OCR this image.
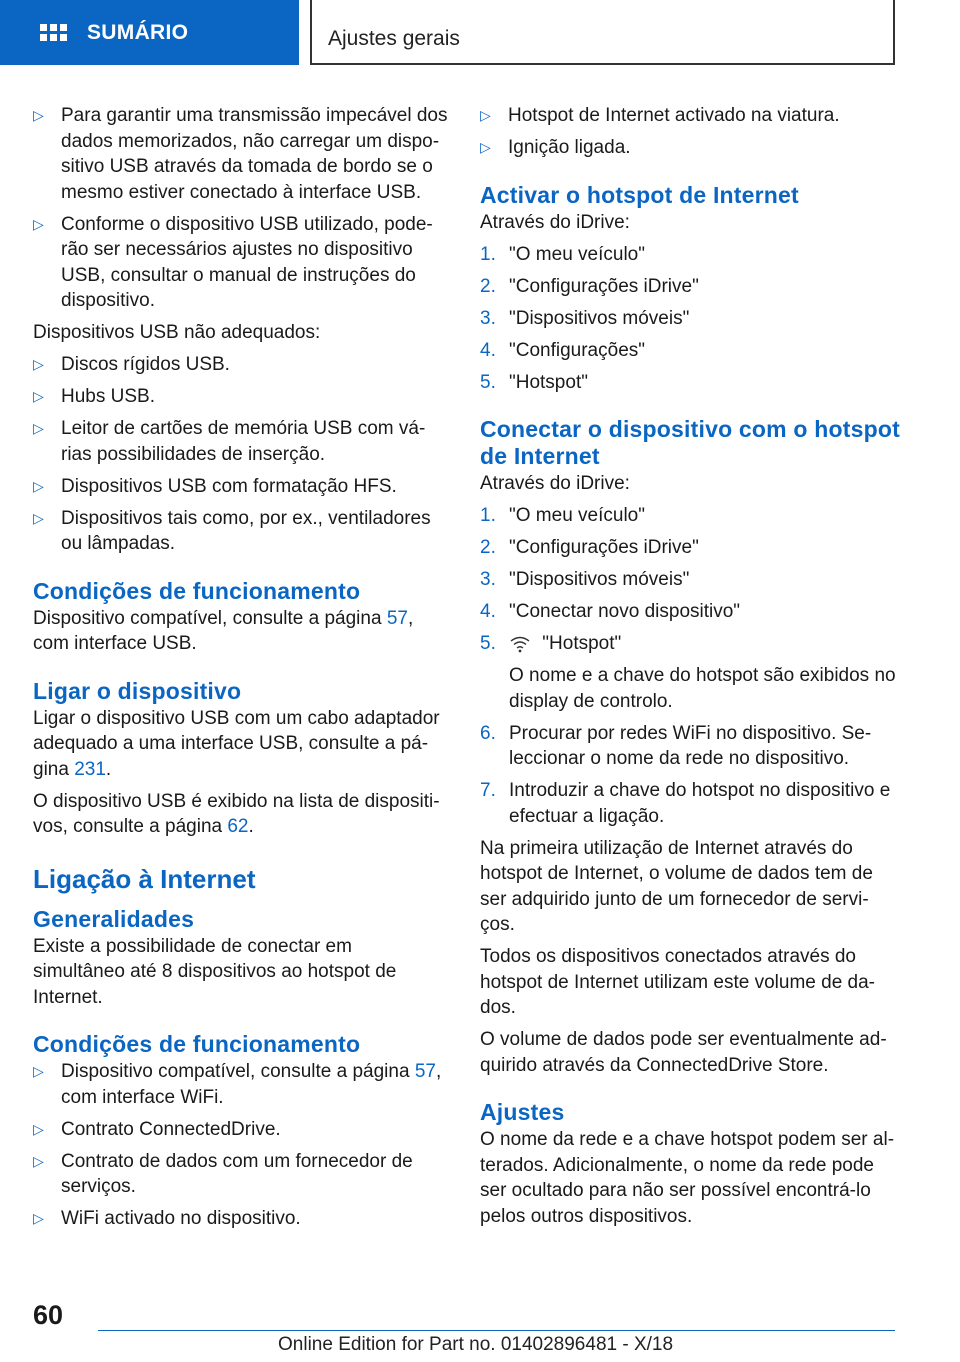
SUMÁRIO	Ajustes gerais
▷ Para garantir uma transmissão impecável dos dados memorizados, não carregar um dispo-sitivo USB através da tomada de bordo se o mesmo estiver conectado à interface USB.
▷ Conforme o dispositivo USB utilizado, pode-rão ser necessários ajustes no dispositivo USB, consultar o manual de instruções do dispositivo.

Dispositivos USB não adequados:

▷ Discos rígidos USB.
▷ Hubs USB.
▷ Leitor de cartões de memória USB com vá-rias possibilidades de inserção.
▷ Dispositivos USB com formatação HFS.
▷ Dispositivos tais como, por ex., ventiladores ou lâmpadas.
Condições de funcionamento

Dispositivo compatível, consulte a página 57, com interface USB.

Ligar o dispositivo

Ligar o dispositivo USB com um cabo adaptador adequado a uma interface USB, consulte a pá-gina 231.

O dispositivo USB é exibido na lista de dispositi-vos, consulte a página 62.

Ligação à Internet
Generalidades

Existe a possibilidade de conectar em simultâneo até 8 dispositivos ao hotspot de Internet.

Condições de funcionamento
▷ Dispositivo compatível, consulte a página 57, com interface WiFi.
▷ Contrato ConnectedDrive.
▷ Contrato de dados com um fornecedor de serviços.
▷ WiFi activado no dispositivo.
▷ Hotspot de Internet activado na viatura.
▷ Ignição ligada.
Activar o hotspot de Internet

Através do iDrive:

1. "O meu veículo"
2. "Configurações iDrive"
3. "Dispositivos móveis"
4. "Configurações"
5. "Hotspot"
Conectar o dispositivo com o hotspot de Internet

Através do iDrive:

1. "O meu veículo"
2. "Configurações iDrive"
3. "Dispositivos móveis"
4. "Conectar novo dispositivo"
5. "Hotspot"

O nome e a chave do hotspot são exibidos no display de controlo.

6. Procurar por redes WiFi no dispositivo. Se-leccionar o nome da rede no dispositivo.
7. Introduzir a chave do hotspot no dispositivo e efectuar a ligação.

Na primeira utilização de Internet através do hotspot de Internet, o volume de dados tem de ser adquirido junto de um fornecedor de servi-ços.

Todos os dispositivos conectados através do hotspot de Internet utilizam este volume de da-dos.

O volume de dados pode ser eventualmente ad-quirido através da ConnectedDrive Store.

Ajustes

O nome da rede e a chave hotspot podem ser al-terados. Adicionalmente, o nome da rede pode ser ocultado para não ser possível encontrá-lo pelos outros dispositivos.

60
Online Edition for Part no. 01402896481 - X/18
